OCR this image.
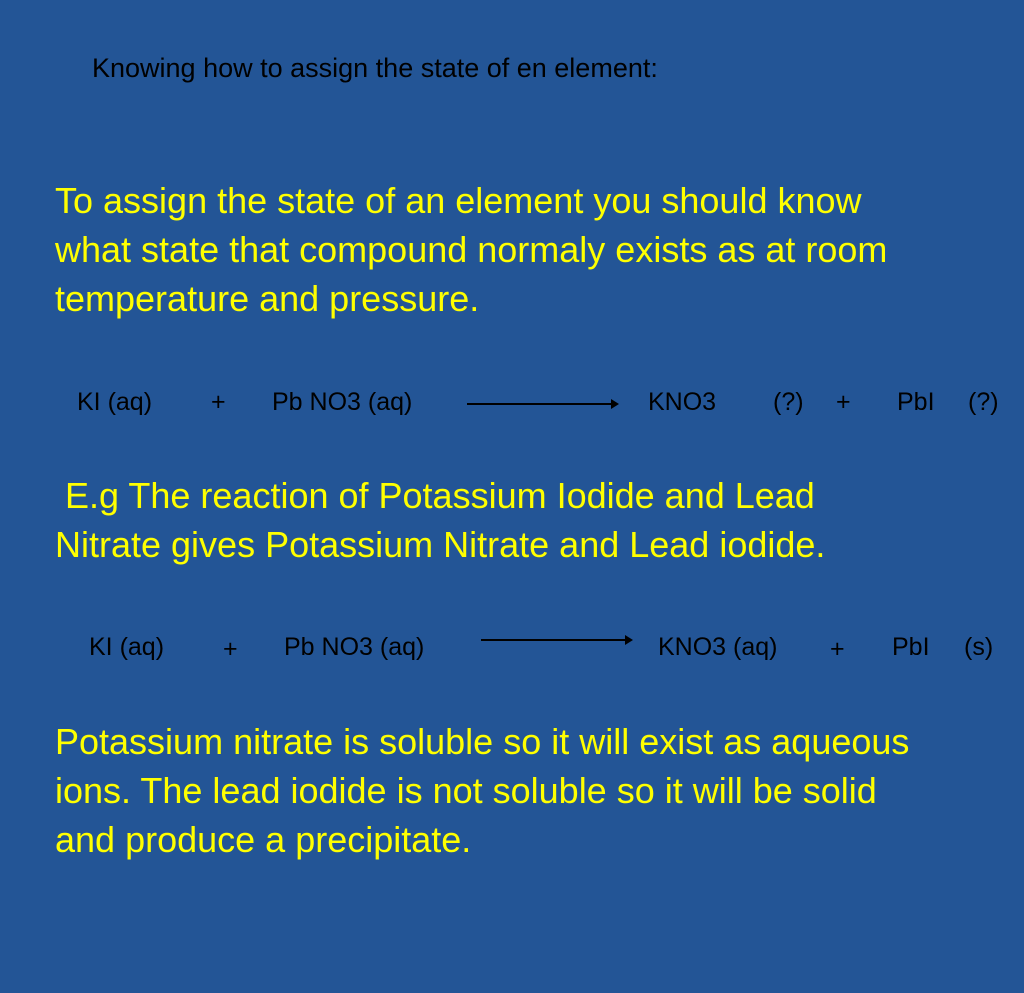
Knowing how to assign the state of en element:
To assign the state of an element you should know
what state that compound normaly exists as at room
temperature and pressure.
KI (aq) + Pb NO3 (aq)	KNO3 (?) + PbI (?)
E.g The reaction of Potassium Iodide and Lead
Nitrate gives Potassium Nitrate and Lead iodide.
KI (aq) + Pb NO3 (aq)	KNO3 (aq) + PbI (s)
Potassium nitrate is soluble so it will exist as aqueous
ions. The lead iodide is not soluble so it will be solid
and produce a precipitate.
